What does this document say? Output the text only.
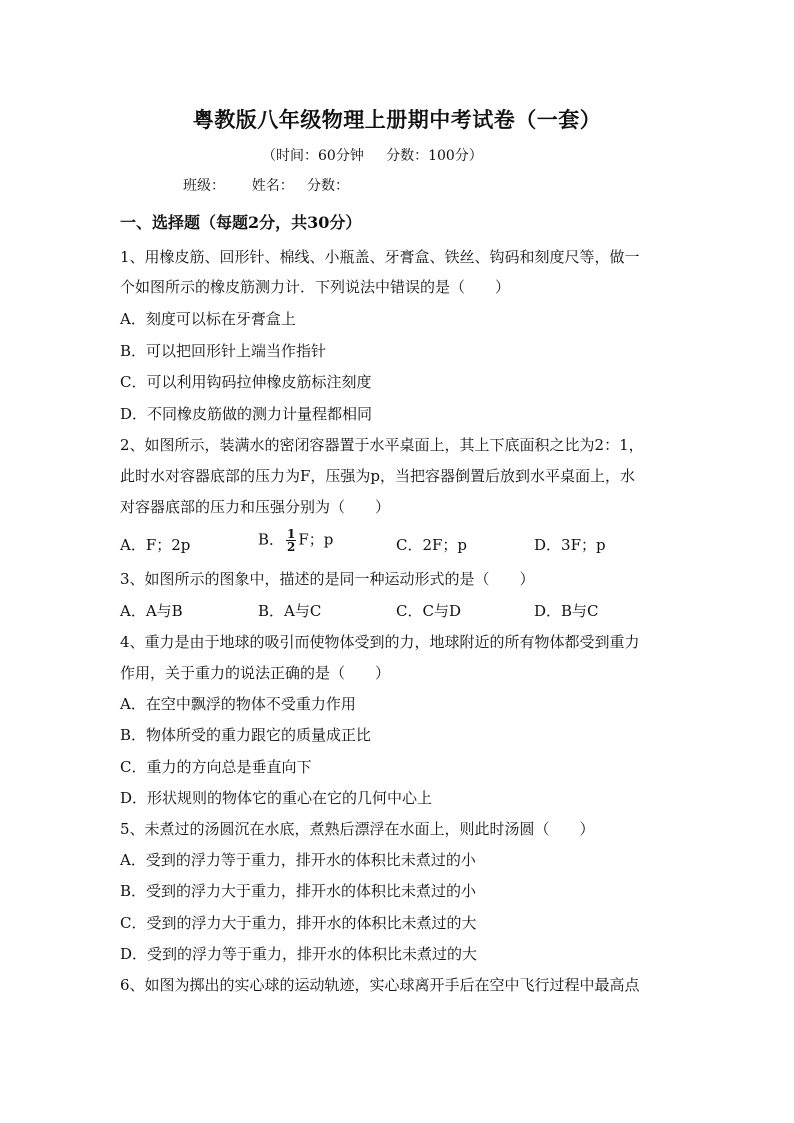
粤教版八年级物理上册期中考试卷（一套）
（时间：60分钟     分数：100分）
班级：      姓名：   分数：
一、选择题（每题2分，共30分）
1、用橡皮筋、回形针、棉线、小瓶盖、牙膏盒、铁丝、钩码和刻度尺等，做一
个如图所示的橡皮筋测力计．下列说法中错误的是（　　）
A．刻度可以标在牙膏盒上
B．可以把回形针上端当作指针
C．可以利用钩码拉伸橡皮筋标注刻度
D．不同橡皮筋做的测力计量程都相同
2、如图所示，装满水的密闭容器置于水平桌面上，其上下底面积之比为2：1，
此时水对容器底部的压力为F，压强为p，当把容器倒置后放到水平桌面上，水
对容器底部的压力和压强分别为（　　）
A．F；2p	B． $\frac{1}{2}$ F；p	C．2F；p	D．3F；p
3、如图所示的图象中，描述的是同一种运动形式的是（　　）
A．A与B	B．A与C	C．C与D	D．B与C
4、重力是由于地球的吸引而使物体受到的力，地球附近的所有物体都受到重力
作用，关于重力的说法正确的是（　　）
A．在空中飘浮的物体不受重力作用
B．物体所受的重力跟它的质量成正比
C．重力的方向总是垂直向下
D．形状规则的物体它的重心在它的几何中心上
5、未煮过的汤圆沉在水底，煮熟后漂浮在水面上，则此时汤圆（　　）
A．受到的浮力等于重力，排开水的体积比未煮过的小
B．受到的浮力大于重力，排开水的体积比未煮过的小
C．受到的浮力大于重力，排开水的体积比未煮过的大
D．受到的浮力等于重力，排开水的体积比未煮过的大
6、如图为掷出的实心球的运动轨迹，实心球离开手后在空中飞行过程中最高点
